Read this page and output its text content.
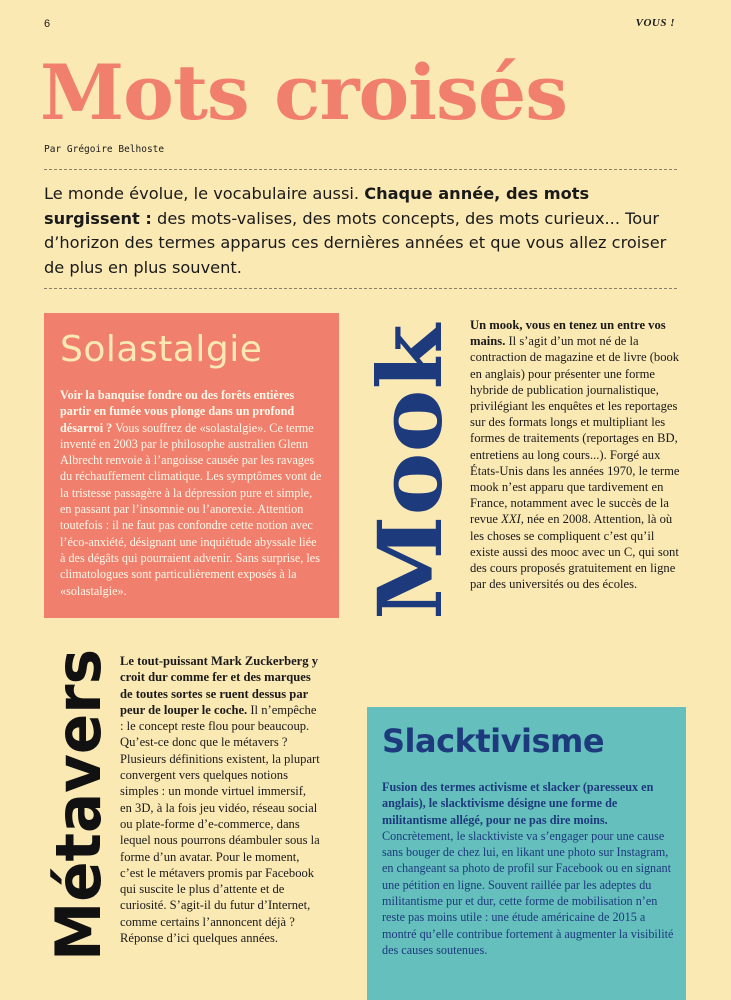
6	VOUS !
Mots croisés
Par Grégoire Belhoste
Le monde évolue, le vocabulaire aussi. Chaque année, des mots surgissent : des mots-valises, des mots concepts, des mots curieux... Tour d’horizon des termes apparus ces dernières années et que vous allez croiser de plus en plus souvent.
Solastalgie
Voir la banquise fondre ou des forêts entières partir en fumée vous plonge dans un profond désarroi ? Vous souffrez de «solastalgie». Ce terme inventé en 2003 par le philosophe australien Glenn Albrecht renvoie à l’angoisse causée par les ravages du réchauffement climatique. Les symptômes vont de la tristesse passagère à la dépression pure et simple, en passant par l’insomnie ou l’anorexie. Attention toutefois : il ne faut pas confondre cette notion avec l’éco-anxiété, désignant une inquiétude abyssale liée à des dégâts qui pourraient advenir. Sans surprise, les climatologues sont particulièrement exposés à la «solastalgie».	Mook
Un mook, vous en tenez un entre vos mains. Il s’agit d’un mot né de la contraction de magazine et de livre (book en anglais) pour présenter une forme hybride de publication journalistique, privilégiant les enquêtes et les reportages sur des formats longs et multipliant les formes de traitements (reportages en BD, entretiens au long cours...). Forgé aux États-Unis dans les années 1970, le terme mook n’est apparu que tardivement en France, notamment avec le succès de la revue XXI, née en 2008. Attention, là où les choses se compliquent c’est qu’il existe aussi des mooc avec un C, qui sont des cours proposés gratuitement en ligne par des universités ou des écoles.
Métavers Le tout-puissant Mark Zuckerberg y croit dur comme fer et des marques de toutes sortes se ruent dessus par peur de louper le coche. Il n’empêche : le concept reste flou pour beaucoup. Qu’est-ce donc que le métavers ? Plusieurs définitions existent, la plupart convergent vers quelques notions simples : un monde virtuel immersif, en 3D, à la fois jeu vidéo, réseau social ou plate-forme d’e-commerce, dans lequel nous pourrons déambuler sous la forme d’un avatar. Pour le moment, c’est le métavers promis par Facebook qui suscite le plus d’attente et de curiosité. S’agit-il du futur d’Internet, comme certains l’annoncent déjà ? Réponse d’ici quelques années.
Slacktivisme
Fusion des termes activisme et slacker (paresseux en anglais), le slacktivisme désigne une forme de militantisme allégé, pour ne pas dire moins. Concrètement, le slacktiviste va s’engager pour une cause sans bouger de chez lui, en likant une photo sur Instagram, en changeant sa photo de profil sur Facebook ou en signant une pétition en ligne. Souvent raillée par les adeptes du militantisme pur et dur, cette forme de mobilisation n’en reste pas moins utile : une étude américaine de 2015 a montré qu’elle contribue fortement à augmenter la visibilité des causes soutenues.
